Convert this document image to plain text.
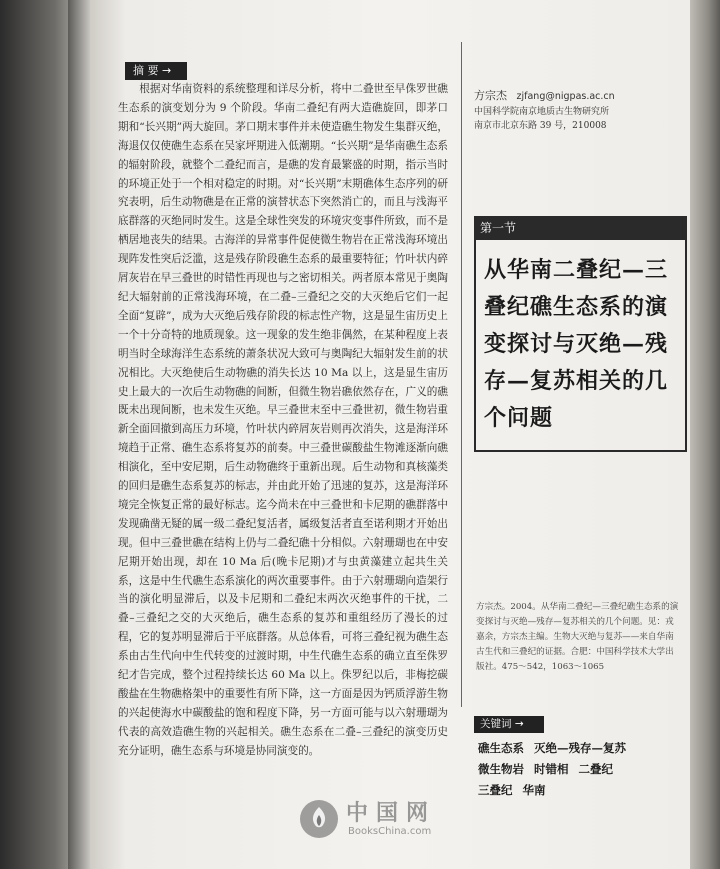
摘 要 →

根据对华南资料的系统整理和详尽分析，将中二叠世至早侏罗世礁生态系的演变划分为 9 个阶段。华南二叠纪有两大造礁旋回，即茅口期和“长兴期”两大旋回。茅口期末事件并未使造礁生物发生集群灭绝，海退仅仅使礁生态系在吴家坪期进入低潮期。“长兴期”是华南礁生态系的辐射阶段，就整个二叠纪而言，是礁的发育最繁盛的时期，指示当时的环境正处于一个相对稳定的时期。对“长兴期”末期礁体生态序列的研究表明，后生动物礁是在正常的演替状态下突然消亡的，而且与浅海平底群落的灭绝同时发生。这是全球性突发的环境灾变事件所致，而不是栖居地丧失的结果。古海洋的异常事件促使微生物岩在正常浅海环境出现阵发性突后泛滥，这是残存阶段礁生态系的最重要特征；竹叶状内碎屑灰岩在早三叠世的时错性再现也与之密切相关。两者原本常见于奥陶纪大辐射前的正常浅海环境，在二叠–三叠纪之交的大灭绝后它们一起全面“复辟”，成为大灭绝后残存阶段的标志性产物，这是显生宙历史上一个十分奇特的地质现象。这一现象的发生绝非偶然，在某种程度上表明当时全球海洋生态系统的萧条状况大致可与奥陶纪大辐射发生前的状况相比。大灭绝使后生动物礁的消失长达 10 Ma 以上，这是显生宙历史上最大的一次后生动物礁的间断，但微生物岩礁依然存在，广义的礁既未出现间断，也未发生灭绝。早三叠世末至中三叠世初，微生物岩重新全面回撤到高压力环境，竹叶状内碎屑灰岩则再次消失，这是海洋环境趋于正常、礁生态系将复苏的前奏。中三叠世碳酸盐生物滩逐渐向礁相演化，至中安尼期，后生动物礁终于重新出现。后生动物和真核藻类的回归是礁生态系复苏的标志，并由此开始了迅速的复苏，这是海洋环境完全恢复正常的最好标志。迄今尚未在中三叠世和卡尼期的礁群落中发现确凿无疑的属一级二叠纪复活者，属级复活者直至诺利期才开始出现。但中三叠世礁在结构上仍与二叠纪礁十分相似。六射珊瑚也在中安尼期开始出现，却在 10 Ma 后(晚卡尼期)才与虫黄藻建立起共生关系，这是中生代礁生态系演化的两次重要事件。由于六射珊瑚向造架行当的演化明显滞后，以及卡尼期和二叠纪末两次灭绝事件的干扰，二叠–三叠纪之交的大灭绝后，礁生态系的复苏和重组经历了漫长的过程，它的复苏明显滞后于平底群落。从总体看，可将三叠纪视为礁生态系由古生代向中生代转变的过渡时期，中生代礁生态系的确立直至侏罗纪才告完成，整个过程持续长达 60 Ma 以上。侏罗纪以后，非梅挖碳酸盐在生物礁格架中的重要性有所下降，这一方面是因为钙质浮游生物的兴起使海水中碳酸盐的饱和程度下降，另一方面可能与以六射珊瑚为代表的高效造礁生物的兴起相关。礁生态系在二叠–三叠纪的演变历史充分证明，礁生态系与环境是协同演变的。

方宗杰 zjfang@nigpas.ac.cn
中国科学院南京地质古生物研究所
南京市北京东路 39 号，210008
第一节
从华南二叠纪—三叠纪礁生态系的演变探讨与灭绝—残存—复苏相关的几个问题

方宗杰。2004。从华南二叠纪—三叠纪礁生态系的演变探讨与灭绝—残存—复苏相关的几个问题。见：戎嘉余，方宗杰主编。生物大灭绝与复苏——来自华南古生代和三叠纪的证据。合肥：中国科学技术大学出版社。475～542，1063～1065

关键词 →
礁生态系 灭绝—残存—复苏
微生物岩 时错相 二叠纪
三叠纪 华南
中国网
BooksChina.com
